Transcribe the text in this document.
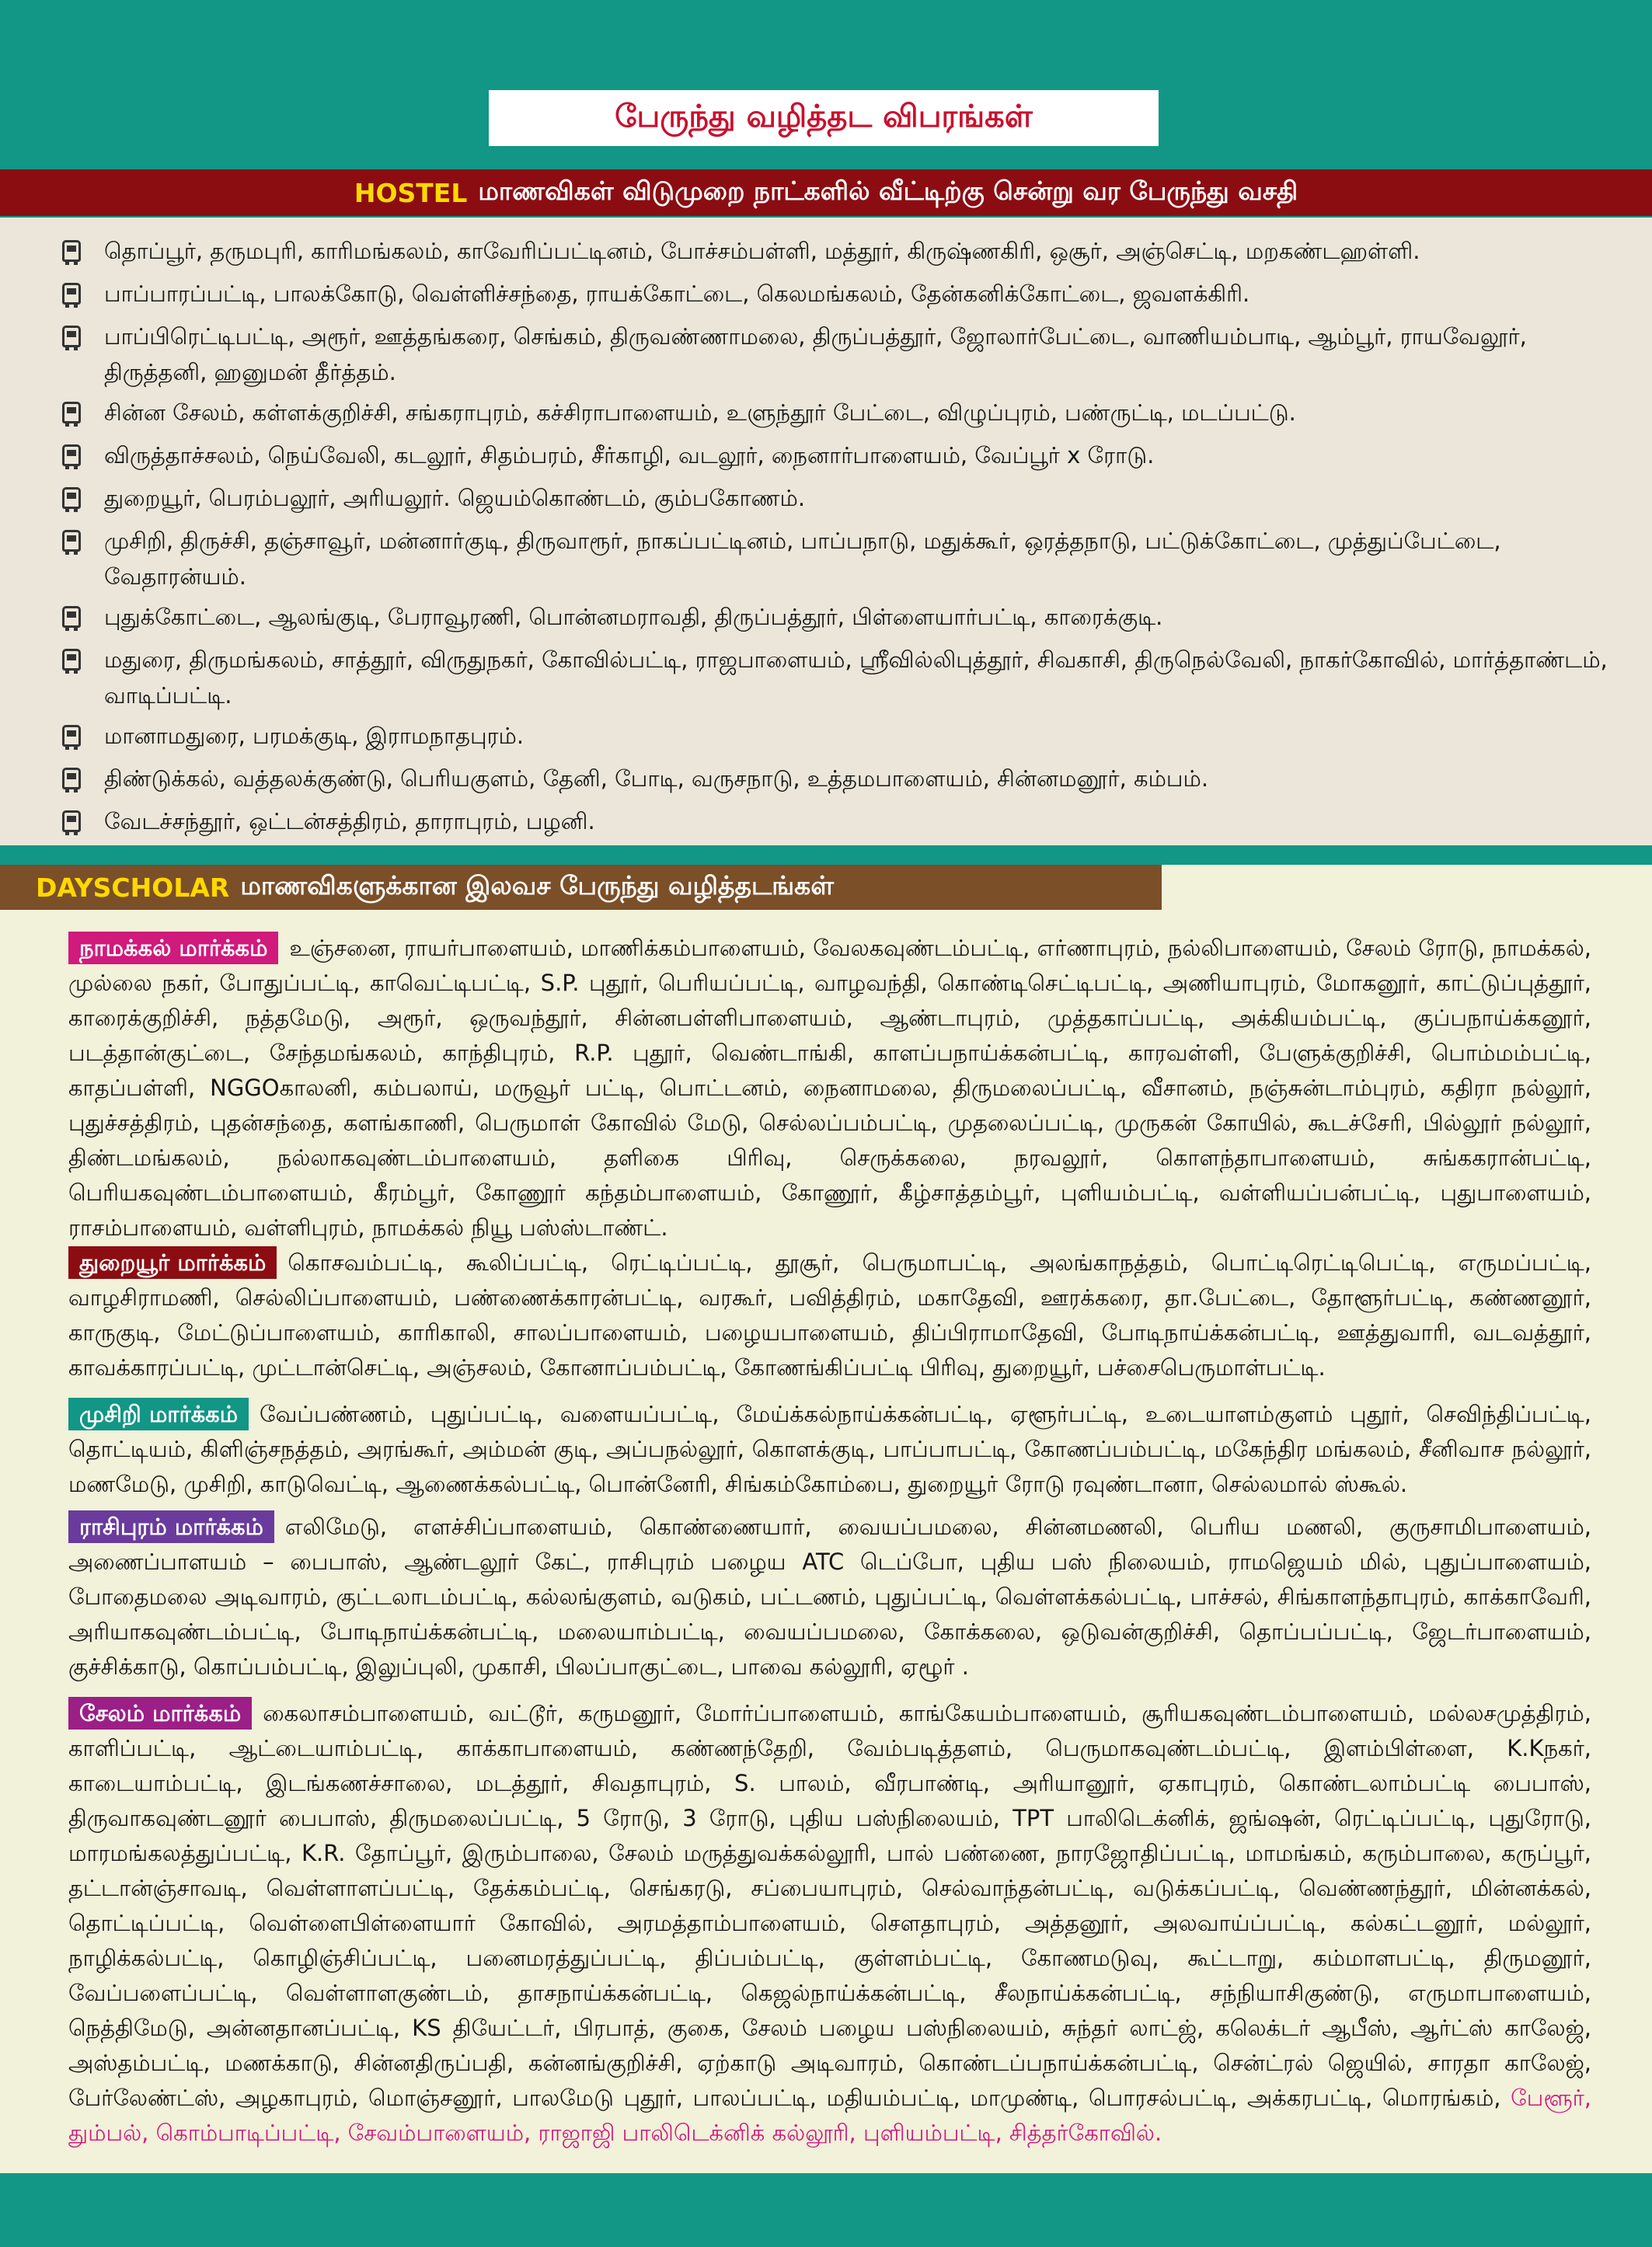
பேருந்து வழித்தட விபரங்கள்
HOSTEL மாணவிகள் விடுமுறை நாட்களில் வீட்டிற்கு சென்று வர பேருந்து வசதி
தொப்பூர், தருமபுரி, காரிமங்கலம், காவேரிப்பட்டினம், போச்சம்பள்ளி, மத்தூர், கிருஷ்ணகிரி, ஒசூர், அஞ்செட்டி, மறகண்டஹள்ளி.
பாப்பாரப்பட்டி, பாலக்கோடு, வெள்ளிச்சந்தை, ராயக்கோட்டை, கெலமங்கலம், தேன்கனிக்கோட்டை, ஜவளக்கிரி.
பாப்பிரெட்டிபட்டி, அரூர், ஊத்தங்கரை, செங்கம், திருவண்ணாமலை, திருப்பத்தூர், ஜோலார்பேட்டை, வாணியம்பாடி, ஆம்பூர், ராயவேலூர், திருத்தனி, ஹனுமன் தீர்த்தம்.
சின்ன சேலம், கள்ளக்குறிச்சி, சங்கராபுரம், கச்சிராபாளையம், உளுந்தூர் பேட்டை, விழுப்புரம், பண்ருட்டி, மடப்பட்டு.
விருத்தாச்சலம், நெய்வேலி, கடலூர், சிதம்பரம், சீர்காழி, வடலூர், நைனார்பாளையம், வேப்பூர் x ரோடு.
துறையூர், பெரம்பலூர், அரியலூர். ஜெயம்கொண்டம், கும்பகோணம்.
முசிறி, திருச்சி, தஞ்சாவூர், மன்னார்குடி, திருவாரூர், நாகப்பட்டினம், பாப்பநாடு, மதுக்கூர், ஒரத்தநாடு, பட்டுக்கோட்டை, முத்துப்பேட்டை, வேதாரன்யம்.
புதுக்கோட்டை, ஆலங்குடி, பேராவூரணி, பொன்னமராவதி, திருப்பத்தூர், பிள்ளையார்பட்டி, காரைக்குடி.
மதுரை, திருமங்கலம், சாத்தூர், விருதுநகர், கோவில்பட்டி, ராஜபாளையம், ஸ்ரீவில்லிபுத்தூர், சிவகாசி, திருநெல்வேலி, நாகர்கோவில், மார்த்தாண்டம், வாடிப்பட்டி.
மானாமதுரை, பரமக்குடி, இராமநாதபுரம்.
திண்டுக்கல், வத்தலக்குண்டு, பெரியகுளம், தேனி, போடி, வருசநாடு, உத்தமபாளையம், சின்னமனூர், கம்பம்.
வேடச்சந்தூர், ஒட்டன்சத்திரம், தாராபுரம், பழனி.
DAYSCHOLAR மாணவிகளுக்கான இலவச பேருந்து வழித்தடங்கள்
நாமக்கல் மார்க்கம் உஞ்சனை, ராயர்பாளையம், மாணிக்கம்பாளையம், வேலகவுண்டம்பட்டி, எர்ணாபுரம், நல்லிபாளையம், சேலம் ரோடு, நாமக்கல், முல்லை நகர், போதுப்பட்டி, காவெட்டிபட்டி, S.P. புதூர், பெரியப்பட்டி, வாழவந்தி, கொண்டிசெட்டிபட்டி, அணியாபுரம், மோகனூர், காட்டுப்புத்தூர், காரைக்குறிச்சி, நத்தமேடு, அரூர், ஒருவந்தூர், சின்னபள்ளிபாளையம், ஆண்டாபுரம், முத்தகாப்பட்டி, அக்கியம்பட்டி, குப்பநாய்க்கனூர், படத்தான்குட்டை, சேந்தமங்கலம், காந்திபுரம், R.P. புதூர், வெண்டாங்கி, காளப்பநாய்க்கன்பட்டி, காரவள்ளி, பேளுக்குறிச்சி, பொம்மம்பட்டி, காதப்பள்ளி, NGGOகாலனி, கம்பலாய், மருவூர் பட்டி, பொட்டனம், நைனாமலை, திருமலைப்பட்டி, வீசானம், நஞ்சுன்டாம்புரம், கதிரா நல்லூர், புதுச்சத்திரம், புதன்சந்தை, களங்காணி, பெருமாள் கோவில் மேடு, செல்லப்பம்பட்டி, முதலைப்பட்டி, முருகன் கோயில், கூடச்சேரி, பில்லூர் நல்லூர், திண்டமங்கலம், நல்லாகவுண்டம்பாளையம், தளிகை பிரிவு, செருக்கலை, நரவலூர், கொளந்தாபாளையம், சுங்ககரான்பட்டி, பெரியகவுண்டம்பாளையம், கீரம்பூர், கோணூர் கந்தம்பாளையம், கோணூர், கீழ்சாத்தம்பூர், புளியம்பட்டி, வள்ளியப்பன்பட்டி, புதுபாளையம், ராசம்பாளையம், வள்ளிபுரம், நாமக்கல் நியூ பஸ்ஸ்டாண்ட்.
துறையூர் மார்க்கம் கொசவம்பட்டி, கூலிப்பட்டி, ரெட்டிப்பட்டி, தூசூர், பெருமாபட்டி, அலங்காநத்தம், பொட்டிரெட்டிபெட்டி, எருமப்பட்டி, வாழசிராமணி, செல்லிப்பாளையம், பண்ணைக்காரன்பட்டி, வரகூர், பவித்திரம், மகாதேவி, ஊரக்கரை, தா.பேட்டை, தோளூர்பட்டி, கண்ணனூர், காருகுடி, மேட்டுப்பாளையம், காரிகாலி, சாலப்பாளையம், பழையபாளையம், திப்பிராமாதேவி, போடிநாய்க்கன்பட்டி, ஊத்துவாரி, வடவத்தூர், காவக்காரப்பட்டி, முட்டான்செட்டி, அஞ்சலம், கோனாப்பம்பட்டி, கோணங்கிப்பட்டி பிரிவு, துறையூர், பச்சைபெருமாள்பட்டி.
முசிறி மார்க்கம் வேப்பண்ணம், புதுப்பட்டி, வளையப்பட்டி, மேய்க்கல்நாய்க்கன்பட்டி, ஏளூர்பட்டி, உடையாளம்குளம் புதூர், செவிந்திப்பட்டி, தொட்டியம், கிளிஞ்சநத்தம், அரங்கூர், அம்மன் குடி, அப்பநல்லூர், கொளக்குடி, பாப்பாபட்டி, கோணப்பம்பட்டி, மகேந்திர மங்கலம், சீனிவாச நல்லூர், மணமேடு, முசிறி, காடுவெட்டி, ஆணைக்கல்பட்டி, பொன்னேரி, சிங்கம்கோம்பை, துறையூர் ரோடு ரவுண்டானா, செல்லமால் ஸ்கூல்.
ராசிபுரம் மார்க்கம் எலிமேடு, எளச்சிப்பாளையம், கொண்ணையார், வையப்பமலை, சின்னமணலி, பெரிய மணலி, குருசாமிபாளையம், அணைப்பாளயம் – பைபாஸ், ஆண்டலூர் கேட், ராசிபுரம் பழைய ATC டெப்போ, புதிய பஸ் நிலையம், ராமஜெயம் மில், புதுப்பாளையம், போதைமலை அடிவாரம், குட்டலாடம்பட்டி, கல்லங்குளம், வடுகம், பட்டணம், புதுப்பட்டி, வெள்ளக்கல்பட்டி, பாச்சல், சிங்காளந்தாபுரம், காக்காவேரி, அரியாகவுண்டம்பட்டி, போடிநாய்க்கன்பட்டி, மலையாம்பட்டி, வையப்பமலை, கோக்கலை, ஒடுவன்குறிச்சி, தொப்பப்பட்டி, ஜேடர்பாளையம், குச்சிக்காடு, கொப்பம்பட்டி, இலுப்புலி, முகாசி, பிலப்பாகுட்டை, பாவை கல்லூரி, ஏழூர் .
சேலம் மார்க்கம் கைலாசம்பாளையம், வட்டூர், கருமனூர், மோர்ப்பாளையம், காங்கேயம்பாளையம், சூரியகவுண்டம்பாளையம், மல்லசமுத்திரம், காளிப்பட்டி, ஆட்டையாம்பட்டி, காக்காபாளையம், கண்ணந்தேறி, வேம்படித்தளம், பெருமாகவுண்டம்பட்டி, இளம்பிள்ளை, K.Kநகர், காடையாம்பட்டி, இடங்கணச்சாலை, மடத்தூர், சிவதாபுரம், S. பாலம், வீரபாண்டி, அரியானூர், ஏகாபுரம், கொண்டலாம்பட்டி பைபாஸ், திருவாகவுண்டனூர் பைபாஸ், திருமலைப்பட்டி, 5 ரோடு, 3 ரோடு, புதிய பஸ்நிலையம், TPT பாலிடெக்னிக், ஜங்ஷன், ரெட்டிப்பட்டி, புதுரோடு, மாரமங்கலத்துப்பட்டி, K.R. தோப்பூர், இரும்பாலை, சேலம் மருத்துவக்கல்லூரி, பால் பண்ணை, நாரஜோதிப்பட்டி, மாமங்கம், கரும்பாலை, கருப்பூர், தட்டான்ஞ்சாவடி, வெள்ளாளப்பட்டி, தேக்கம்பட்டி, செங்கரடு, சப்பையாபுரம், செல்வாந்தன்பட்டி, வடுக்கப்பட்டி, வெண்ணந்தூர், மின்னக்கல், தொட்டிப்பட்டி, வெள்ளைபிள்ளையார் கோவில், அரமத்தாம்பாளையம், சௌதாபுரம், அத்தனூர், அலவாய்ப்பட்டி, கல்கட்டனூர், மல்லூர், நாழிக்கல்பட்டி, கொழிஞ்சிப்பட்டி, பனைமரத்துப்பட்டி, திப்பம்பட்டி, குள்ளம்பட்டி, கோணமடுவு, கூட்டாறு, கம்மாளபட்டி, திருமனூர், வேப்பளைப்பட்டி, வெள்ளாளகுண்டம், தாசநாய்க்கன்பட்டி, கெஜல்நாய்க்கன்பட்டி, சீலநாய்க்கன்பட்டி, சந்நியாசிகுண்டு, எருமாபாளையம், நெத்திமேடு, அன்னதானப்பட்டி, KS தியேட்டர், பிரபாத், குகை, சேலம் பழைய பஸ்நிலையம், சுந்தர் லாட்ஜ், கலெக்டர் ஆபீஸ், ஆர்ட்ஸ் காலேஜ், அஸ்தம்பட்டி, மணக்காடு, சின்னதிருப்பதி, கன்னங்குறிச்சி, ஏற்காடு அடிவாரம், கொண்டப்பநாய்க்கன்பட்டி, சென்ட்ரல் ஜெயில், சாரதா காலேஜ், பேர்லேண்ட்ஸ், அழகாபுரம், மொஞ்சனூர், பாலமேடு புதூர், பாலப்பட்டி, மதியம்பட்டி, மாமுண்டி, பொரசல்பட்டி, அக்கரபட்டி, மொரங்கம், பேளூர், தும்பல், கொம்பாடிப்பட்டி, சேவம்பாளையம், ராஜாஜி பாலிடெக்னிக் கல்லூரி, புளியம்பட்டி, சித்தர்கோவில்.
